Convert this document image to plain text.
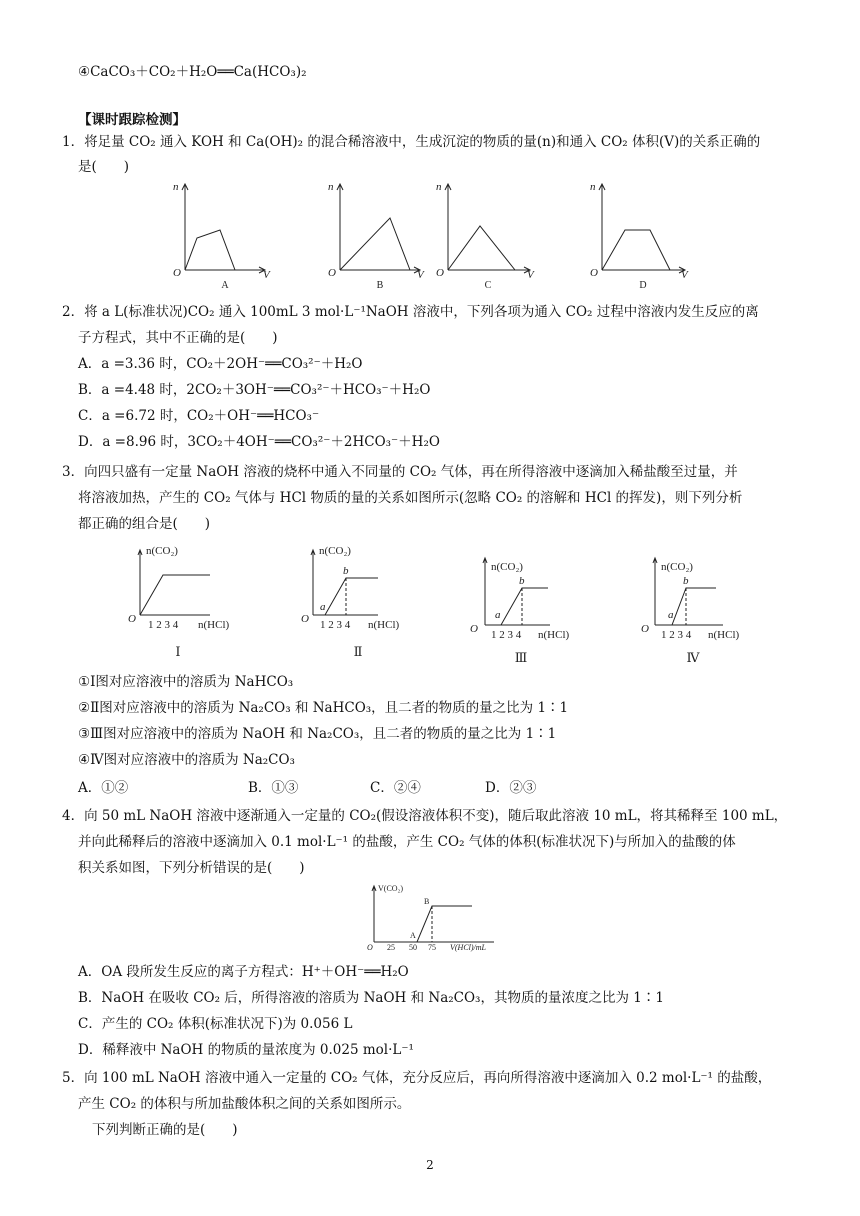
④CaCO₃＋CO₂＋H₂O══Ca(HCO₃)₂
【课时跟踪检测】
1．将足量 CO₂ 通入 KOH 和 Ca(OH)₂ 的混合稀溶液中，生成沉淀的物质的量(n)和通入 CO₂ 体积(V)的关系正确的
是(　　)
n
O	V
n
O	V
n
O	V
n
O	V
A	B	C	D
2．将 a L(标准状况)CO₂ 通入 100mL 3 mol·L⁻¹NaOH 溶液中，下列各项为通入 CO₂ 过程中溶液内发生反应的离
子方程式，其中不正确的是(　　)
A．a =3.36 时，CO₂＋2OH⁻══CO₃²⁻＋H₂O
B．a =4.48 时，2CO₂＋3OH⁻══CO₃²⁻＋HCO₃⁻＋H₂O
C．a =6.72 时，CO₂＋OH⁻══HCO₃⁻
D．a =8.96 时，3CO₂＋4OH⁻══CO₃²⁻＋2HCO₃⁻＋H₂O
3．向四只盛有一定量 NaOH 溶液的烧杯中通入不同量的 CO₂ 气体，再在所得溶液中逐滴加入稀盐酸至过量，并
将溶液加热，产生的 CO₂ 气体与 HCl 物质的量的关系如图所示(忽略 CO₂ 的溶解和 HCl 的挥发)，则下列分析
都正确的组合是(　　)
n(CO₂)
O 1 2 3 4 n(HCl)
n(CO₂)
O
a
b
1 2 3 4 n(HCl)
n(CO₂)
O
a
b
1 2 3 4 n(HCl)
n(CO₂)
O
a
b
1 2 3 4 n(HCl)
Ⅰ	Ⅱ	Ⅲ	Ⅳ
①Ⅰ图对应溶液中的溶质为 NaHCO₃
②Ⅱ图对应溶液中的溶质为 Na₂CO₃ 和 NaHCO₃，且二者的物质的量之比为 1∶1
③Ⅲ图对应溶液中的溶质为 NaOH 和 Na₂CO₃，且二者的物质的量之比为 1∶1
④Ⅳ图对应溶液中的溶质为 Na₂CO₃
A．①②	B．①③	C．②④	D．②③
4．向 50 mL NaOH 溶液中逐渐通入一定量的 CO₂(假设溶液体积不变)，随后取此溶液 10 mL，将其稀释至 100 mL，
并向此稀释后的溶液中逐滴加入 0.1 mol·L⁻¹ 的盐酸，产生 CO₂ 气体的体积(标准状况下)与所加入的盐酸的体
积关系如图，下列分析错误的是(　　)
V(CO₂)
O 25 50 75 V(HCl)/mL
A
B
A．OA 段所发生反应的离子方程式：H⁺＋OH⁻══H₂O
B．NaOH 在吸收 CO₂ 后，所得溶液的溶质为 NaOH 和 Na₂CO₃，其物质的量浓度之比为 1∶1
C．产生的 CO₂ 体积(标准状况下)为 0.056 L
D．稀释液中 NaOH 的物质的量浓度为 0.025 mol·L⁻¹
5．向 100 mL NaOH 溶液中通入一定量的 CO₂ 气体，充分反应后，再向所得溶液中逐滴加入 0.2 mol·L⁻¹ 的盐酸，
产生 CO₂ 的体积与所加盐酸体积之间的关系如图所示。
下列判断正确的是(　　)
2
